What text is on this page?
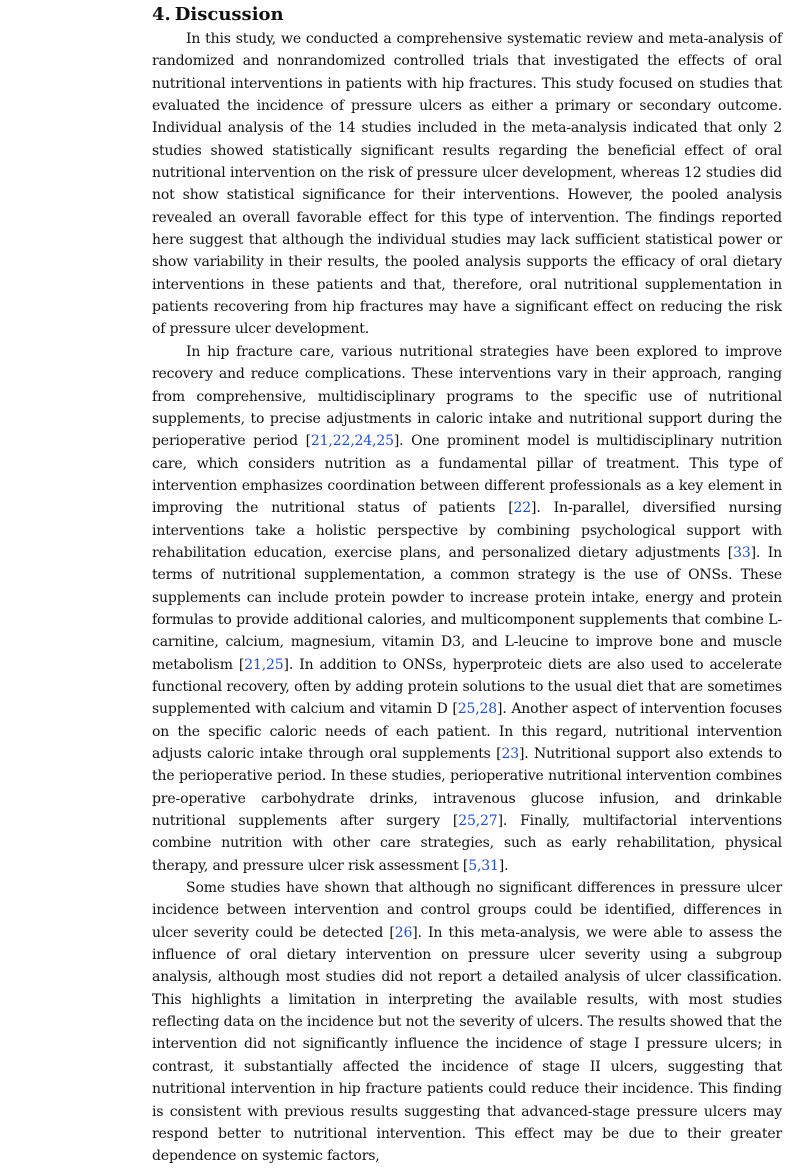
4. Discussion

In this study, we conducted a comprehensive systematic review and meta-analysis of randomized and nonrandomized controlled trials that investigated the effects of oral nutritional interventions in patients with hip fractures. This study focused on studies that evaluated the incidence of pressure ulcers as either a primary or secondary outcome. Individual analysis of the 14 studies included in the meta-analysis indicated that only 2 studies showed statistically significant results regarding the beneficial effect of oral nutritional intervention on the risk of pressure ulcer development, whereas 12 studies did not show statistical significance for their interventions. However, the pooled analysis revealed an overall favorable effect for this type of intervention. The findings reported here suggest that although the individual studies may lack sufficient statistical power or show variability in their results, the pooled analysis supports the efficacy of oral dietary interventions in these patients and that, therefore, oral nutritional supplementation in patients recovering from hip fractures may have a significant effect on reducing the risk of pressure ulcer development.

In hip fracture care, various nutritional strategies have been explored to improve recovery and reduce complications. These interventions vary in their approach, ranging from comprehensive, multidisciplinary programs to the specific use of nutritional supplements, to precise adjustments in caloric intake and nutritional support during the perioperative period [21,22,24,25]. One prominent model is multidisciplinary nutrition care, which considers nutrition as a fundamental pillar of treatment. This type of intervention emphasizes coordination between different professionals as a key element in improving the nutritional status of patients [22]. In-parallel, diversified nursing interventions take a holistic perspective by combining psychological support with rehabilitation education, exercise plans, and personalized dietary adjustments [33]. In terms of nutritional supplementation, a common strategy is the use of ONSs. These supplements can include protein powder to increase protein intake, energy and protein formulas to provide additional calories, and multicomponent supplements that combine L-carnitine, calcium, magnesium, vitamin D3, and L-leucine to improve bone and muscle metabolism [21,25]. In addition to ONSs, hyperproteic diets are also used to accelerate functional recovery, often by adding protein solutions to the usual diet that are sometimes supplemented with calcium and vitamin D [25,28]. Another aspect of intervention focuses on the specific caloric needs of each patient. In this regard, nutritional intervention adjusts caloric intake through oral supplements [23]. Nutritional support also extends to the perioperative period. In these studies, perioperative nutritional intervention combines pre-operative carbohydrate drinks, intravenous glucose infusion, and drinkable nutritional supplements after surgery [25,27]. Finally, multifactorial interventions combine nutrition with other care strategies, such as early rehabilitation, physical therapy, and pressure ulcer risk assessment [5,31].

Some studies have shown that although no significant differences in pressure ulcer incidence between intervention and control groups could be identified, differences in ulcer severity could be detected [26]. In this meta-analysis, we were able to assess the influence of oral dietary intervention on pressure ulcer severity using a subgroup analysis, although most studies did not report a detailed analysis of ulcer classification. This highlights a limitation in interpreting the available results, with most studies reflecting data on the incidence but not the severity of ulcers. The results showed that the intervention did not significantly influence the incidence of stage I pressure ulcers; in contrast, it substantially affected the incidence of stage II ulcers, suggesting that nutritional intervention in hip fracture patients could reduce their incidence. This finding is consistent with previous results suggesting that advanced-stage pressure ulcers may respond better to nutritional intervention. This effect may be due to their greater dependence on systemic factors,
